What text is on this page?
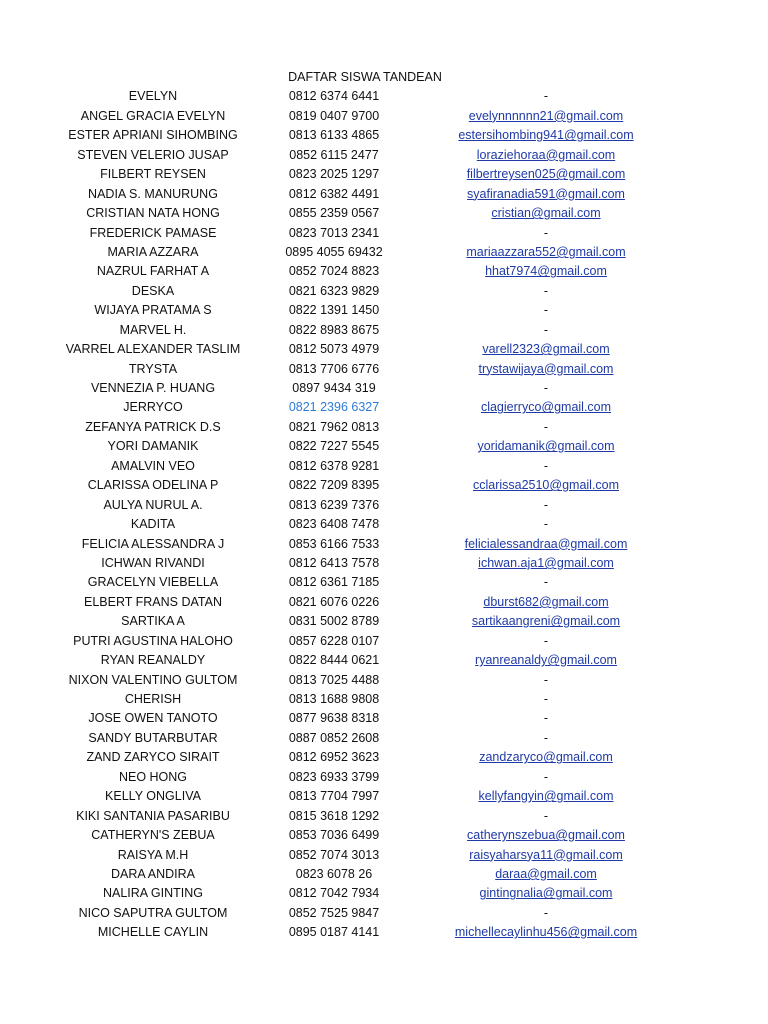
DAFTAR SISWA TANDEAN
EVELYN	0812 6374 6441	-
ANGEL GRACIA EVELYN	0819 0407 9700	evelynnnnnn21@gmail.com
ESTER APRIANI SIHOMBING	0813 6133 4865	estersihombing941@gmail.com
STEVEN VELERIO JUSAP	0852 6115 2477	loraziehoraa@gmail.com
FILBERT REYSEN	0823 2025 1297	filbertreysen025@gmail.com
NADIA S. MANURUNG	0812 6382 4491	syafiranadia591@gmail.com
CRISTIAN NATA HONG	0855 2359 0567	cristian@gmail.com
FREDERICK PAMASE	0823 7013 2341	-
MARIA AZZARA	0895 4055 69432	mariaazzara552@gmail.com
NAZRUL FARHAT A	0852 7024 8823	hhat7974@gmail.com
DESKA	0821 6323 9829	-
WIJAYA PRATAMA S	0822 1391 1450	-
MARVEL H.	0822 8983 8675	-
VARREL ALEXANDER TASLIM	0812 5073 4979	varell2323@gmail.com
TRYSTA	0813 7706 6776	trystawijaya@gmail.com
VENNEZIA P. HUANG	0897 9434 319	-
JERRYCO	0821 2396 6327	clagierryco@gmail.com
ZEFANYA PATRICK D.S	0821 7962 0813	-
YORI DAMANIK	0822 7227 5545	yoridamanik@gmail.com
AMALVIN VEO	0812 6378 9281	-
CLARISSA ODELINA P	0822 7209 8395	cclarissa2510@gmail.com
AULYA NURUL A.	0813 6239 7376	-
KADITA	0823 6408 7478	-
FELICIA ALESSANDRA J	0853 6166 7533	felicialessandraa@gmail.com
ICHWAN RIVANDI	0812 6413 7578	ichwan.aja1@gmail.com
GRACELYN VIEBELLA	0812 6361 7185	-
ELBERT FRANS DATAN	0821 6076 0226	dburst682@gmail.com
SARTIKA A	0831 5002 8789	sartikaangreni@gmail.com
PUTRI AGUSTINA HALOHO	0857 6228 0107	-
RYAN REANALDY	0822 8444 0621	ryanreanaldy@gmail.com
NIXON VALENTINO GULTOM	0813 7025 4488	-
CHERISH	0813 1688 9808	-
JOSE OWEN TANOTO	0877 9638 8318	-
SANDY BUTARBUTAR	0887 0852 2608	-
ZAND ZARYCO SIRAIT	0812 6952 3623	zandzaryco@gmail.com
NEO HONG	0823 6933 3799	-
KELLY ONGLIVA	0813 7704 7997	kellyfangyin@gmail.com
KIKI SANTANIA PASARIBU	0815 3618 1292	-
CATHERYN'S ZEBUA	0853 7036 6499	catherynszebua@gmail.com
RAISYA M.H	0852 7074 3013	raisyaharsya11@gmail.com
DARA ANDIRA	0823 6078 26	daraa@gmail.com
NALIRA GINTING	0812 7042 7934	gintingnalia@gmail.com
NICO SAPUTRA GULTOM	0852 7525 9847	-
MICHELLE CAYLIN	0895 0187 4141	michellecaylinhu456@gmail.com
